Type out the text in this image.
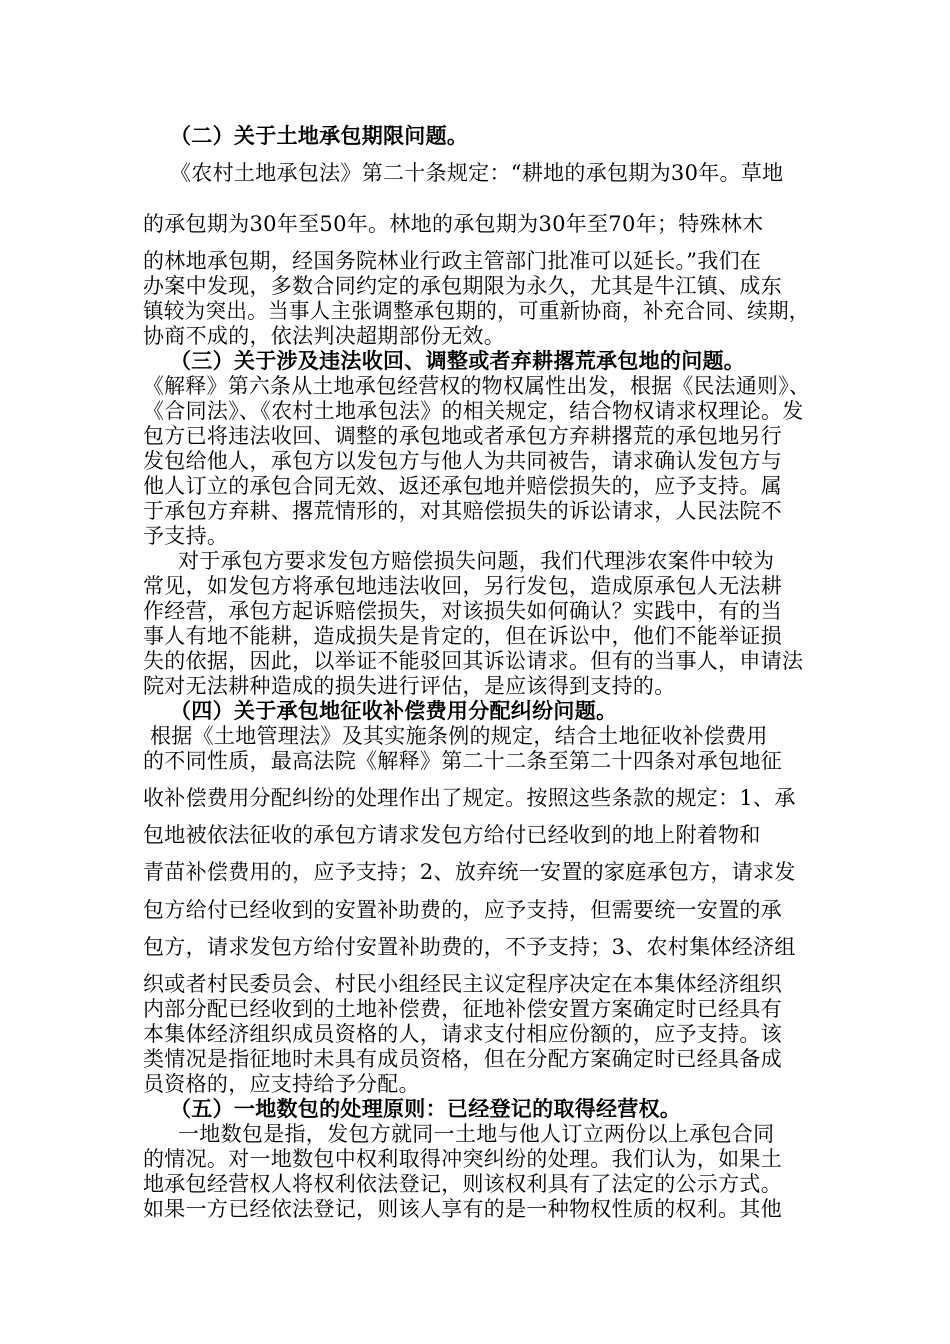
（二）关于土地承包期限问题。
《农村土地承包法》第二十条规定：“耕地的承包期为30年。草地
的承包期为30年至50年。林地的承包期为30年至70年；特殊林木
的林地承包期，经国务院林业行政主管部门批准可以延长。”我们在
办案中发现，多数合同约定的承包期限为永久，尤其是牛江镇、成东
镇较为突出。当事人主张调整承包期的，可重新协商，补充合同、续期，
协商不成的，依法判决超期部份无效。
（三）关于涉及违法收回、调整或者弃耕撂荒承包地的问题。
《解释》第六条从土地承包经营权的物权属性出发，根据《民法通则》、
《合同法》、《农村土地承包法》的相关规定，结合物权请求权理论。发
包方已将违法收回、调整的承包地或者承包方弃耕撂荒的承包地另行
发包给他人，承包方以发包方与他人为共同被告，请求确认发包方与
他人订立的承包合同无效、返还承包地并赔偿损失的，应予支持。属
于承包方弃耕、撂荒情形的，对其赔偿损失的诉讼请求，人民法院不
予支持。
对于承包方要求发包方赔偿损失问题，我们代理涉农案件中较为
常见，如发包方将承包地违法收回，另行发包，造成原承包人无法耕
作经营，承包方起诉赔偿损失，对该损失如何确认？实践中，有的当
事人有地不能耕，造成损失是肯定的，但在诉讼中，他们不能举证损
失的依据，因此，以举证不能驳回其诉讼请求。但有的当事人，申请法
院对无法耕种造成的损失进行评估，是应该得到支持的。
（四）关于承包地征收补偿费用分配纠纷问题。
根据《土地管理法》及其实施条例的规定，结合土地征收补偿费用
的不同性质，最高法院《解释》第二十二条至第二十四条对承包地征
收补偿费用分配纠纷的处理作出了规定。按照这些条款的规定：1、承
包地被依法征收的承包方请求发包方给付已经收到的地上附着物和
青苗补偿费用的，应予支持；2、放弃统一安置的家庭承包方，请求发
包方给付已经收到的安置补助费的，应予支持，但需要统一安置的承
包方，请求发包方给付安置补助费的，不予支持；3、农村集体经济组
织或者村民委员会、村民小组经民主议定程序决定在本集体经济组织
内部分配已经收到的土地补偿费，征地补偿安置方案确定时已经具有
本集体经济组织成员资格的人，请求支付相应份额的，应予支持。该
类情况是指征地时未具有成员资格，但在分配方案确定时已经具备成
员资格的，应支持给予分配。
（五）一地数包的处理原则：已经登记的取得经营权。
一地数包是指，发包方就同一土地与他人订立两份以上承包合同
的情况。对一地数包中权利取得冲突纠纷的处理。我们认为，如果土
地承包经营权人将权利依法登记，则该权利具有了法定的公示方式。
如果一方已经依法登记，则该人享有的是一种物权性质的权利。其他
